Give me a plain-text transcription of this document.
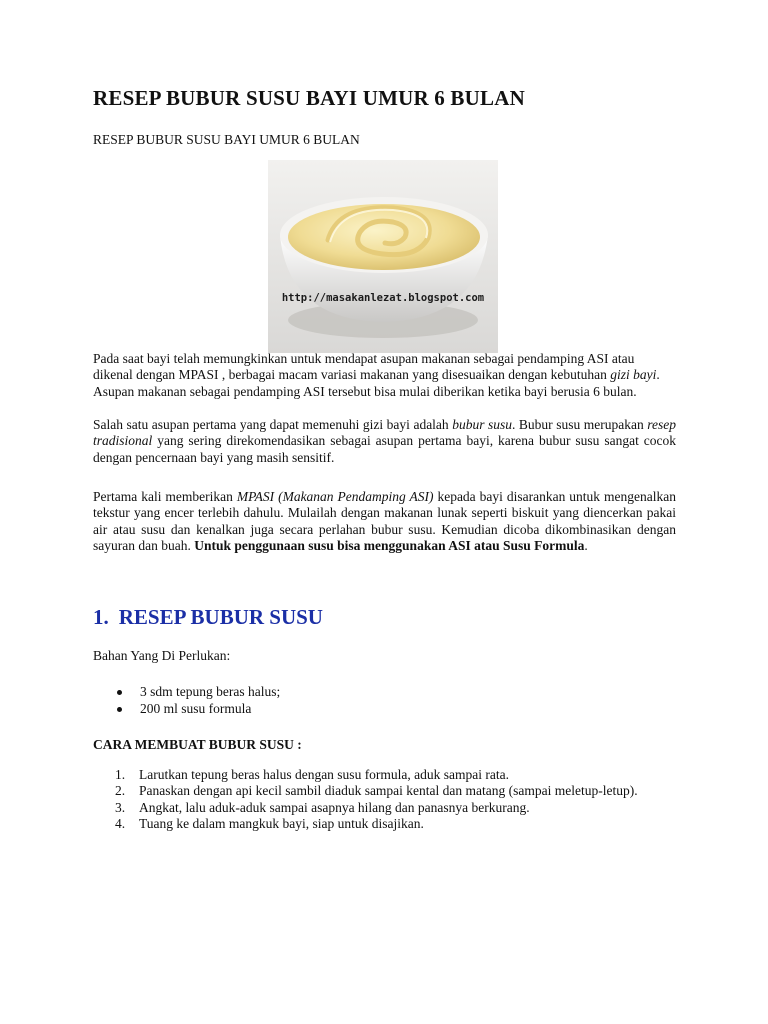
RESEP BUBUR SUSU BAYI UMUR 6 BULAN

RESEP BUBUR SUSU BAYI UMUR 6 BULAN

Pada saat bayi telah memungkinkan untuk mendapat asupan makanan sebagai pendamping ASI atau dikenal dengan MPASI , berbagai macam variasi makanan yang disesuaikan dengan kebutuhan gizi bayi. Asupan makanan sebagai pendamping ASI tersebut bisa mulai diberikan ketika bayi berusia 6 bulan.

Salah satu asupan pertama yang dapat memenuhi gizi bayi adalah bubur susu. Bubur susu merupakan resep tradisional yang sering direkomendasikan sebagai asupan pertama bayi, karena bubur susu sangat cocok dengan pencernaan bayi yang masih sensitif.

Pertama kali memberikan MPASI (Makanan Pendamping ASI) kepada bayi disarankan untuk mengenalkan tekstur yang encer terlebih dahulu. Mulailah dengan makanan lunak seperti biskuit yang diencerkan pakai air atau susu dan kenalkan juga secara perlahan bubur susu. Kemudian dicoba dikombinasikan dengan sayuran dan buah. Untuk penggunaan susu bisa menggunakan ASI atau Susu Formula.

1. RESEP BUBUR SUSU

Bahan Yang Di Perlukan:

3 sdm tepung beras halus;
200 ml susu formula

CARA MEMBUAT BUBUR SUSU :

1. Larutkan tepung beras halus dengan susu formula, aduk sampai rata.
2. Panaskan dengan api kecil sambil diaduk sampai kental dan matang (sampai meletup-letup).
3. Angkat, lalu aduk-aduk sampai asapnya hilang dan panasnya berkurang.
4. Tuang ke dalam mangkuk bayi, siap untuk disajikan.
http://masakanlezat.blogspot.com
